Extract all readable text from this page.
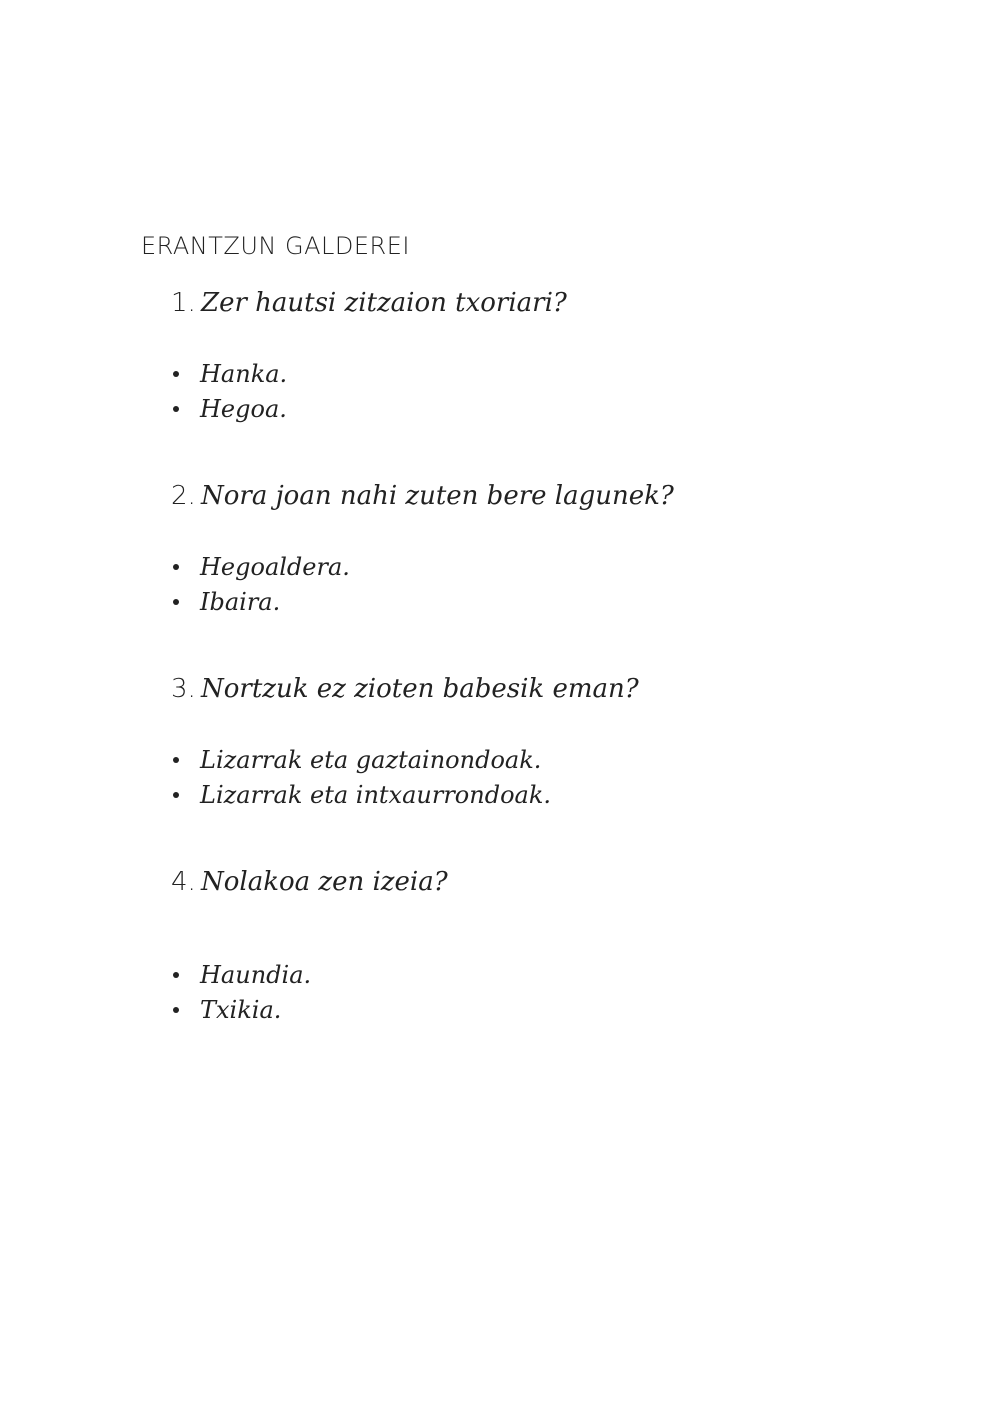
ERANTZUN GALDEREI
1. Zer hautsi zitzaion txoriari?
Hanka.
Hegoa.
2. Nora joan nahi zuten bere lagunek?
Hegoaldera.
Ibaira.
3. Nortzuk ez zioten babesik eman?
Lizarrak eta gaztainondoak.
Lizarrak eta intxaurrondoak.
4. Nolakoa zen izeia?
Haundia.
Txikia.
